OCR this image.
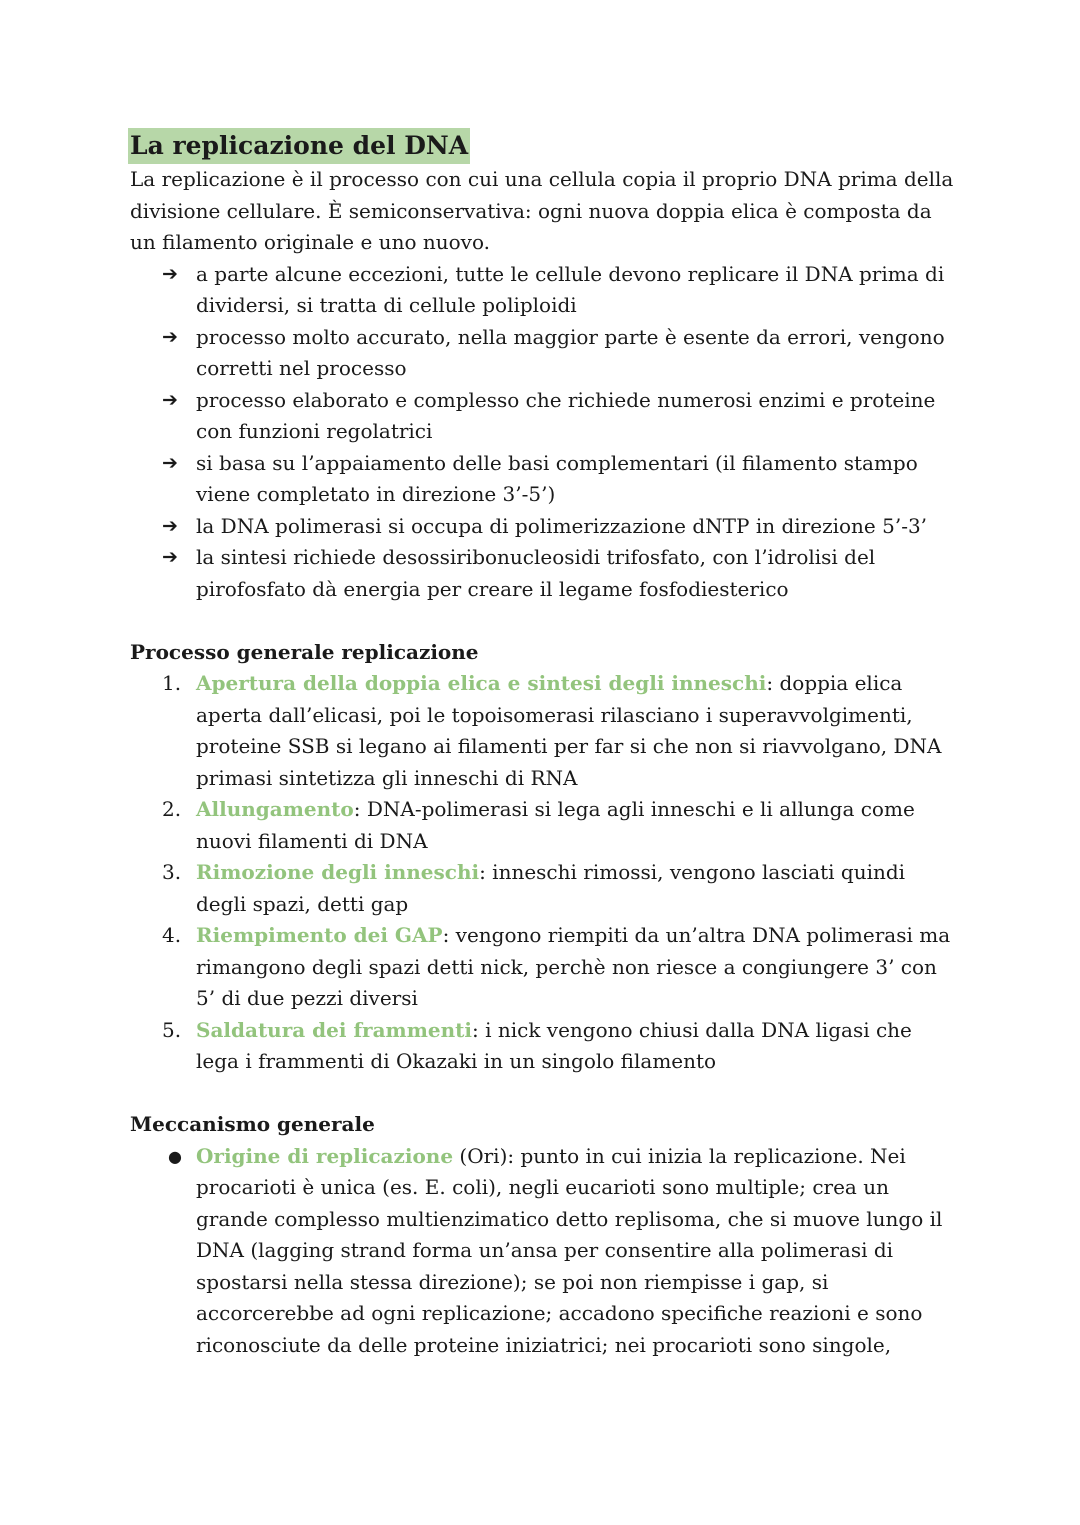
La replicazione del DNA

La replicazione è il processo con cui una cellula copia il proprio DNA prima della divisione cellulare. È semiconservativa: ogni nuova doppia elica è composta da un filamento originale e uno nuovo.

➔ a parte alcune eccezioni, tutte le cellule devono replicare il DNA prima di dividersi, si tratta di cellule poliploidi
➔ processo molto accurato, nella maggior parte è esente da errori, vengono corretti nel processo
➔ processo elaborato e complesso che richiede numerosi enzimi e proteine con funzioni regolatrici
➔ si basa su l’appaiamento delle basi complementari (il filamento stampo viene completato in direzione 3’-5’)
➔ la DNA polimerasi si occupa di polimerizzazione dNTP in direzione 5’-3’
➔ la sintesi richiede desossiribonucleosidi trifosfato, con l’idrolisi del pirofosfato dà energia per creare il legame fosfodiesterico
Processo generale replicazione
1. Apertura della doppia elica e sintesi degli inneschi: doppia elica aperta dall’elicasi, poi le topoisomerasi rilasciano i superavvolgimenti, proteine SSB si legano ai filamenti per far si che non si riavvolgano, DNA primasi sintetizza gli inneschi di RNA
2. Allungamento: DNA-polimerasi si lega agli inneschi e li allunga come nuovi filamenti di DNA
3. Rimozione degli inneschi: inneschi rimossi, vengono lasciati quindi degli spazi, detti gap
4. Riempimento dei GAP: vengono riempiti da un’altra DNA polimerasi ma rimangono degli spazi detti nick, perchè non riesce a congiungere 3’ con 5’ di due pezzi diversi
5. Saldatura dei frammenti: i nick vengono chiusi dalla DNA ligasi che lega i frammenti di Okazaki in un singolo filamento
Meccanismo generale
● Origine di replicazione (Ori): punto in cui inizia la replicazione. Nei procarioti è unica (es. E. coli), negli eucarioti sono multiple; crea un grande complesso multienzimatico detto replisoma, che si muove lungo il DNA (lagging strand forma un’ansa per consentire alla polimerasi di spostarsi nella stessa direzione); se poi non riempisse i gap, si accorcerebbe ad ogni replicazione; accadono specifiche reazioni e sono riconosciute da delle proteine iniziatrici; nei procarioti sono singole,
